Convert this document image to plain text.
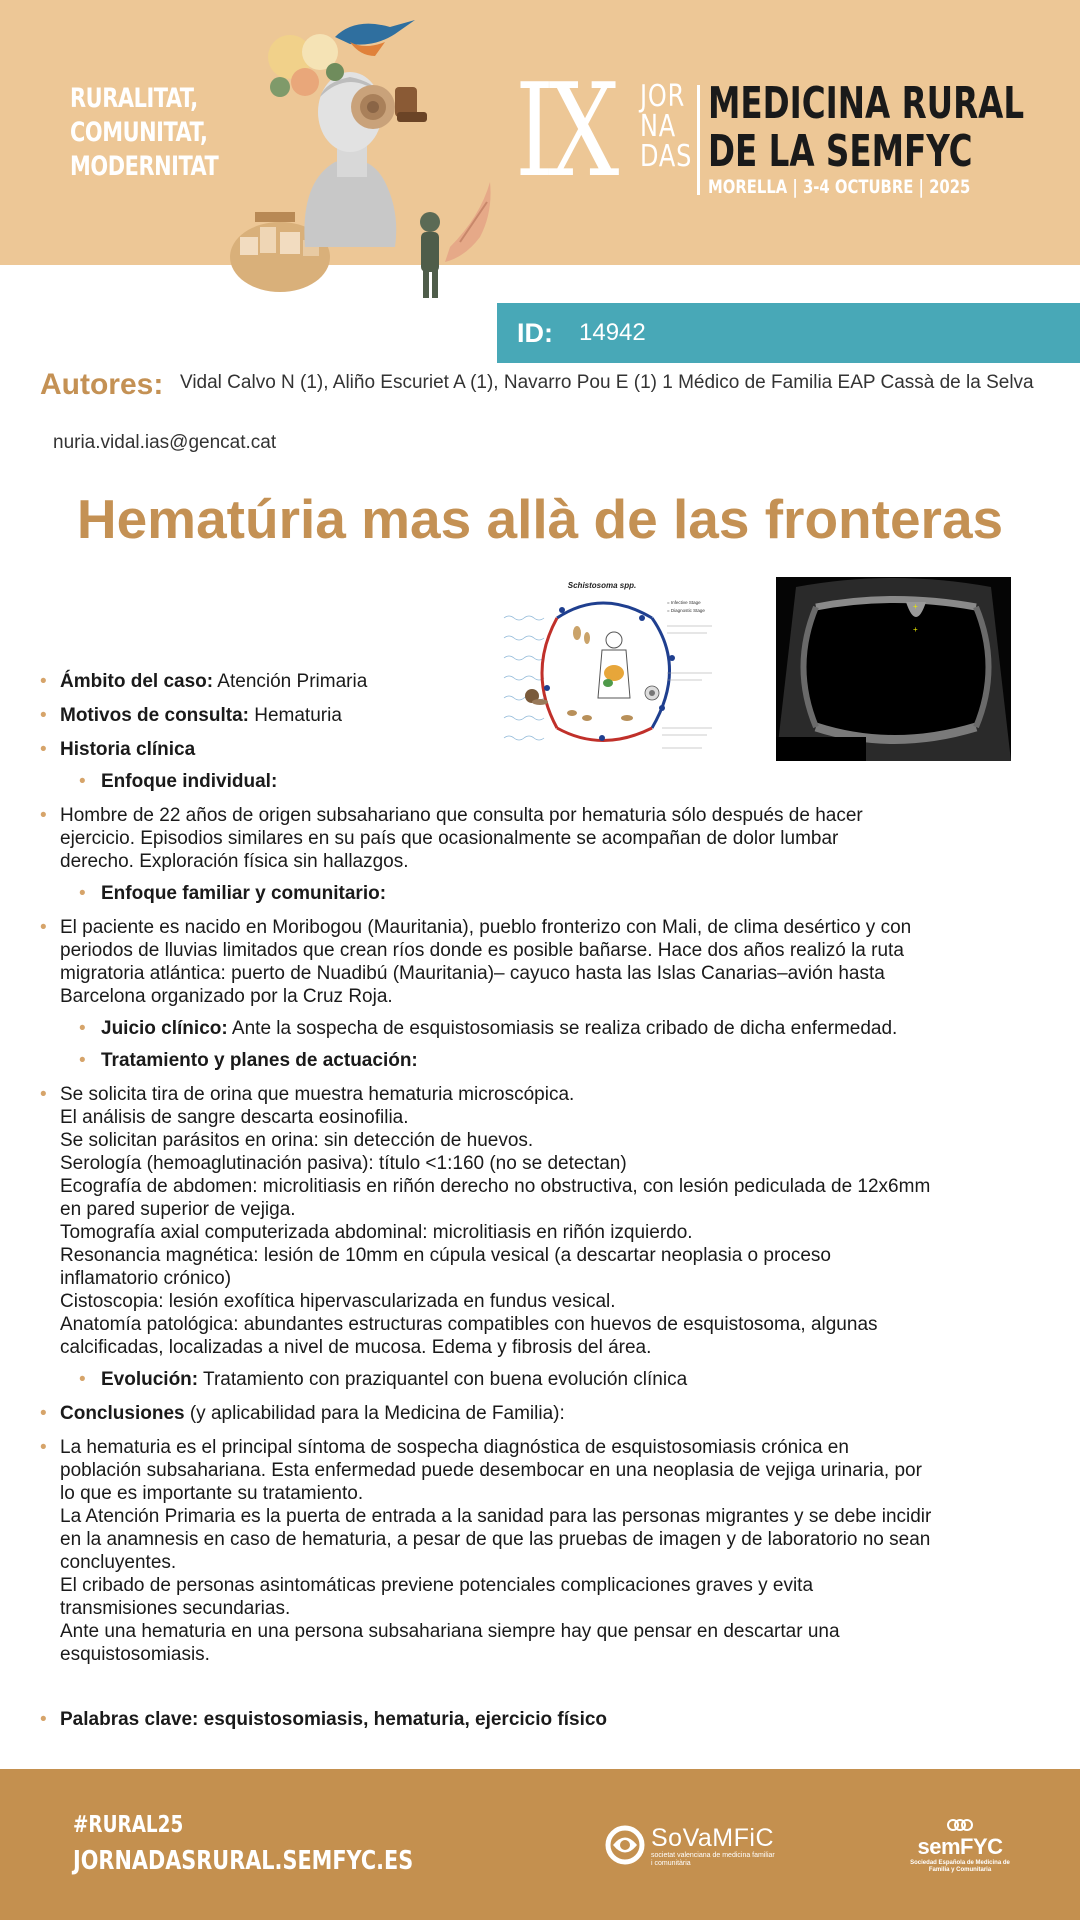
RURALITAT,
COMUNITAT,
MODERNITAT IX JOR
NA
DAS
MEDICINA RURAL
DE LA SEMFYC
MORELLA | 3-4 OCTUBRE | 2025
ID: 14942
Autores: Vidal Calvo N (1), Aliño Escuriet A (1), Navarro Pou E (1) 1 Médico de Familia EAP Cassà de la Selva
nuria.vidal.ias@gencat.cat
Hematúria mas allà de las fronteras
Schistosoma spp.
= Infective Stage
= Diagnostic Stage	+
+
• Ámbito del caso: Atención Primaria
• Motivos de consulta: Hematuria
• Historia clínica
• Enfoque individual:
• Hombre de 22 años de origen subsahariano que consulta por hematuria sólo después de hacer
ejercicio. Episodios similares en su país que ocasionalmente se acompañan de dolor lumbar
derecho. Exploración física sin hallazgos.
• Enfoque familiar y comunitario:
• El paciente es nacido en Moribogou (Mauritania), pueblo fronterizo con Mali, de clima desértico y con
periodos de lluvias limitados que crean ríos donde es posible bañarse. Hace dos años realizó la ruta
migratoria atlántica: puerto de Nuadibú (Mauritania)– cayuco hasta las Islas Canarias–avión hasta
Barcelona organizado por la Cruz Roja.
• Juicio clínico: Ante la sospecha de esquistosomiasis se realiza cribado de dicha enfermedad.
• Tratamiento y planes de actuación:
• Se solicita tira de orina que muestra hematuria microscópica.
El análisis de sangre descarta eosinofilia.
Se solicitan parásitos en orina: sin detección de huevos.
Serología (hemoaglutinación pasiva): título <1:160 (no se detectan)
Ecografía de abdomen: microlitiasis en riñón derecho no obstructiva, con lesión pediculada de 12x6mm
en pared superior de vejiga.
Tomografía axial computerizada abdominal: microlitiasis en riñón izquierdo.
Resonancia magnética: lesión de 10mm en cúpula vesical (a descartar neoplasia o proceso
inflamatorio crónico)
Cistoscopia: lesión exofítica hipervascularizada en fundus vesical.
Anatomía patológica: abundantes estructuras compatibles con huevos de esquistosoma, algunas
calcificadas, localizadas a nivel de mucosa. Edema y fibrosis del área.
• Evolución: Tratamiento con praziquantel con buena evolución clínica
• Conclusiones (y aplicabilidad para la Medicina de Familia):
• La hematuria es el principal síntoma de sospecha diagnóstica de esquistosomiasis crónica en
población subsahariana. Esta enfermedad puede desembocar en una neoplasia de vejiga urinaria, por
lo que es importante su tratamiento.
La Atención Primaria es la puerta de entrada a la sanidad para las personas migrantes y se debe incidir
en la anamnesis en caso de hematuria, a pesar de que las pruebas de imagen y de laboratorio no sean
concluyentes.
El cribado de personas asintomáticas previene potenciales complicaciones graves y evita
transmisiones secundarias.
Ante una hematuria en una persona subsahariana siempre hay que pensar en descartar una
esquistosomiasis.
• Palabras clave: esquistosomiasis, hematuria, ejercicio físico
#RURAL25
JORNADASRURAL.SEMFYC.ES
SoVaMFiC
societat valenciana de medicina familiar i comunitària
semFYC
Sociedad Española de Medicina de Familia y Comunitaria
